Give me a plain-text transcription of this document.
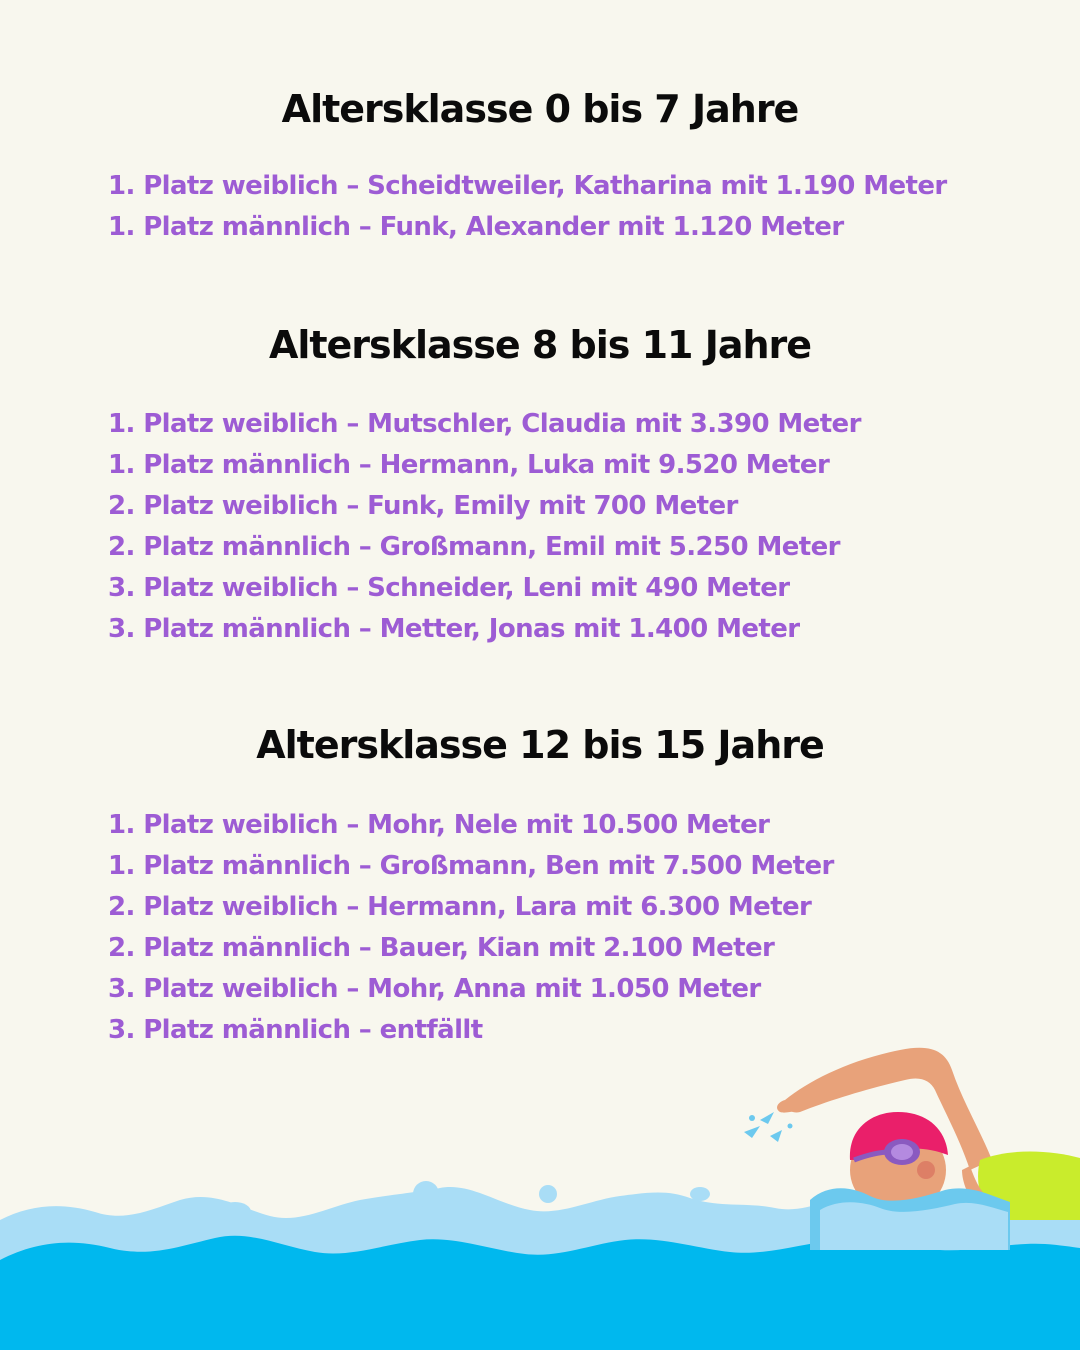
Altersklasse 0 bis 7 Jahre
1. Platz weiblich – Scheidtweiler, Katharina mit 1.190 Meter
1. Platz männlich – Funk, Alexander mit 1.120 Meter
Altersklasse 8 bis 11 Jahre
1. Platz weiblich – Mutschler, Claudia mit 3.390 Meter
1. Platz männlich – Hermann, Luka mit 9.520 Meter
2. Platz weiblich – Funk, Emily mit 700 Meter
2. Platz männlich – Großmann, Emil mit 5.250 Meter
3. Platz weiblich – Schneider, Leni mit 490 Meter
3. Platz männlich – Metter, Jonas mit 1.400 Meter
Altersklasse 12 bis 15 Jahre
1. Platz weiblich – Mohr, Nele mit 10.500 Meter
1. Platz männlich – Großmann, Ben mit 7.500 Meter
2. Platz weiblich – Hermann, Lara mit 6.300 Meter
2. Platz männlich – Bauer, Kian mit 2.100 Meter
3. Platz weiblich – Mohr, Anna mit 1.050 Meter
3. Platz männlich – entfällt
